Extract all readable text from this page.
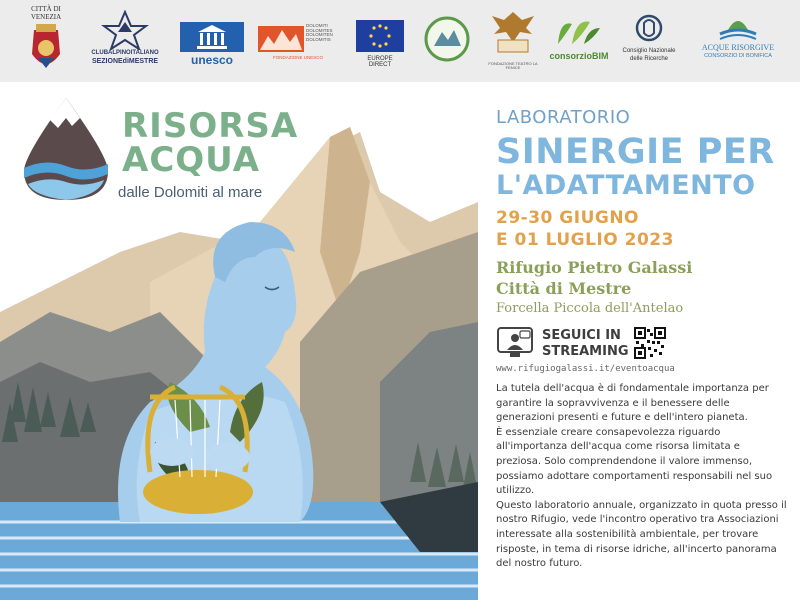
CITTÀ DI
VENEZIA
CLUBALPINOITALIANO
SEZIONEdiMESTRE	unesco
DOLOMITI DOLOMITES DOLOMITEN DOLOMITIS
FONDAZIONE UNESCO	EUROPE DIRECT	FONDAZIONE TEATRO LA FENICE
consorzioBIM	Consiglio Nazionale
delle Ricerche
ACQUE RISORGIVE
CONSORZIO DI BONIFICA
RISORSA
ACQUA
dalle Dolomiti al mare
LABORATORIO
SINERGIE PER
L'ADATTAMENTO
29-30 GIUGNO
E 01 LUGLIO 2023
Rifugio Pietro Galassi
Città di Mestre
Forcella Piccola dell'Antelao
SEGUICI IN
STREAMING
www.rifugiogalassi.it/eventoacqua

La tutela dell'acqua è di fondamentale importanza per garantire la sopravvivenza e il benessere delle generazioni presenti e future e dell'intero pianeta.

È essenziale creare consapevolezza riguardo all'importanza dell'acqua come risorsa limitata e preziosa. Solo comprendendone il valore immenso, possiamo adottare comportamenti responsabili nel suo utilizzo.

Questo laboratorio annuale, organizzato in quota presso il nostro Rifugio, vede l'incontro operativo tra Associazioni interessate alla sostenibilità ambientale, per trovare risposte, in tema di risorse idriche, all'incerto panorama del nostro futuro.
